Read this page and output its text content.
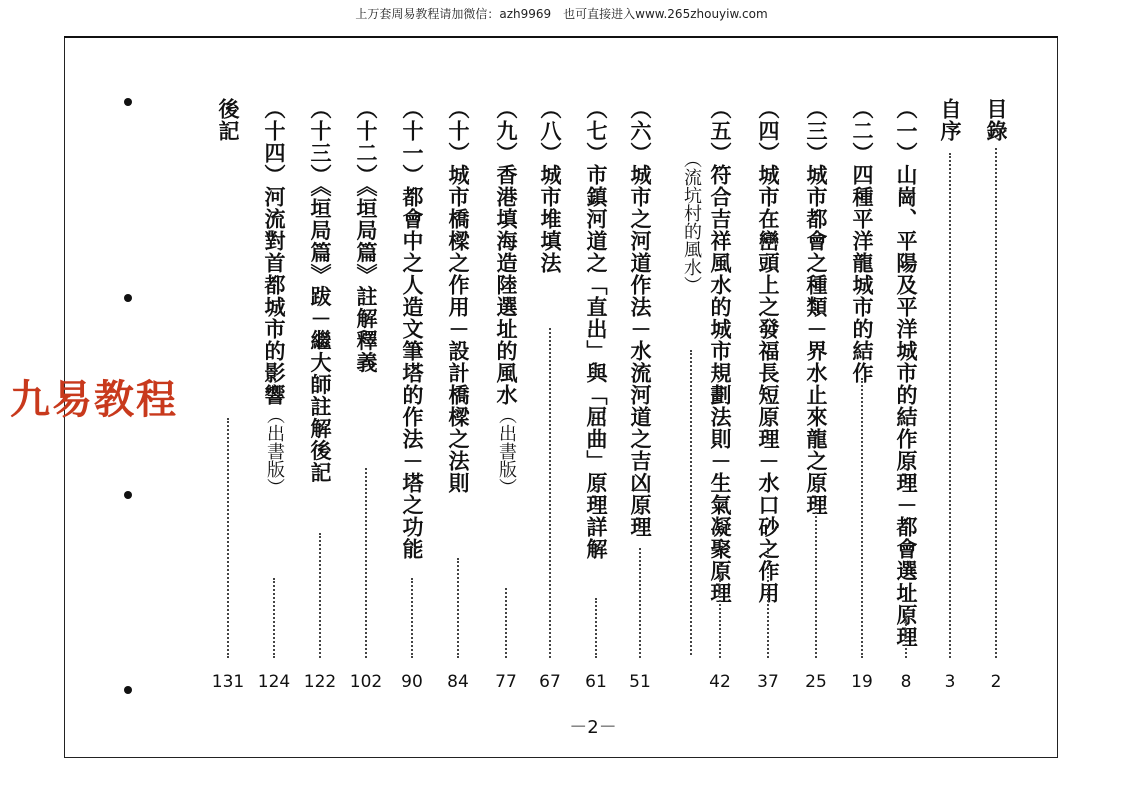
上万套周易教程请加微信：azh9969　也可直接进入www.265zhouyiw.com
九易教程
目錄
2
自序
3
（一）山崗、平陽及平洋城市的結作原理－都會選址原理
8
（二）四種平洋龍城市的結作
19
（三）城市都會之種類－界水止來龍之原理
25
（四）城市在巒頭上之發福長短原理－水口砂之作用
37
（五）符合吉祥風水的城市規劃法則－生氣凝聚原理
42
（六）城市之河道作法－水流河道之吉凶原理
51
（七）市鎮河道之「直出」與「屈曲」原理詳解
61
（八）城市堆填法
67
（九）香港填海造陸選址的風水（出書版）
77
（十）城市橋樑之作用－設計橋樑之法則
84
（十一）都會中之人造文筆塔的作法－塔之功能
90
（十二）《垣局篇》註解釋義
102
（十三）《垣局篇》跋－繼大師註解後記
122
（十四）河流對首都城市的影響（出書版）
124
後記
131
（流坑村的風水）
－2－
